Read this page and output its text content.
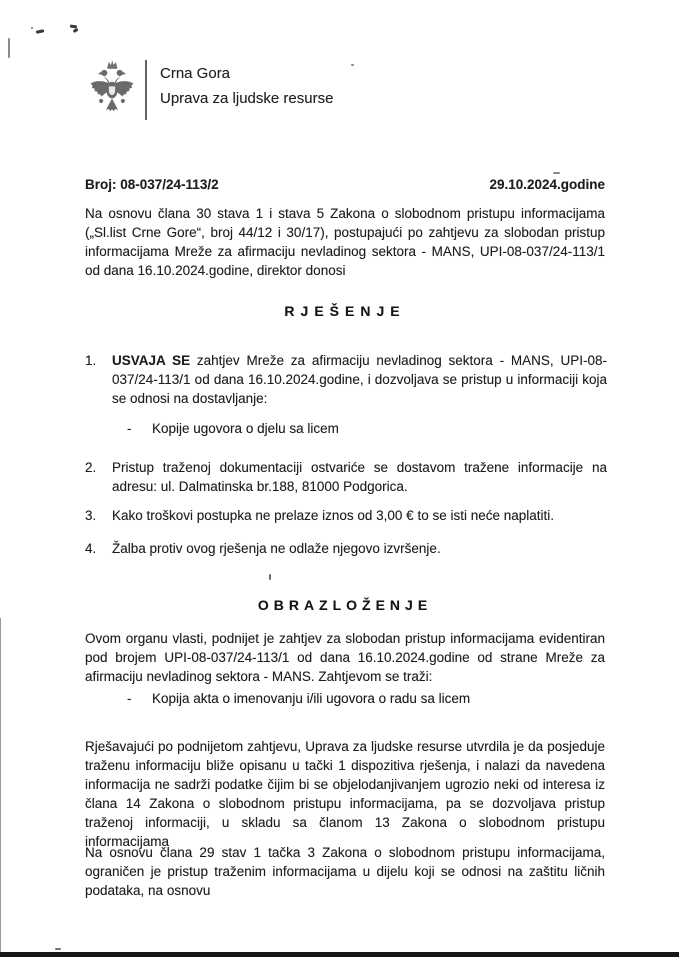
Crna Gora
Uprava za ljudske resurse
Broj: 08-037/24-113/2	29.10.2024.godine

Na osnovu člana 30 stava 1 i stava 5 Zakona o slobodnom pristupu informacijama („Sl.list Crne Gore“, broj 44/12 i 30/17), postupajući po zahtjevu za slobodan pristup informacijama Mreže za afirmaciju nevladinog sektora - MANS, UPI-08-037/24-113/1 od dana 16.10.2024.godine, direktor donosi

RJEŠENJE
1.	USVAJA SE zahtjev Mreže za afirmaciju nevladinog sektora - MANS, UPI-08-037/24-113/1 od dana 16.10.2024.godine, i dozvoljava se pristup u informaciji koja se odnosi na dostavljanje:
-	Kopije ugovora o djelu sa licem
2.	Pristup traženoj dokumentaciji ostvariće se dostavom tražene informacije na adresu: ul. Dalmatinska br.188, 81000 Podgorica.
3.	Kako troškovi postupka ne prelaze iznos od 3,00 € to se isti neće naplatiti.
4.	Žalba protiv ovog rješenja ne odlaže njegovo izvršenje.
OBRAZLOŽENJE

Ovom organu vlasti, podnijet je zahtjev za slobodan pristup informacijama evidentiran pod brojem UPI-08-037/24-113/1 od dana 16.10.2024.godine od strane Mreže za afirmaciju nevladinog sektora - MANS. Zahtjevom se traži:

-	Kopija akta o imenovanju i/ili ugovora o radu sa licem

Rješavajući po podnijetom zahtjevu, Uprava za ljudske resurse utvrdila je da posjeduje traženu informaciju bliže opisanu u tački 1 dispozitiva rješenja, i nalazi da navedena informacija ne sadrži podatke čijim bi se objelodanjivanjem ugrozio neki od interesa iz člana 14 Zakona o slobodnom pristupu informacijama, pa se dozvoljava pristup traženoj informaciji, u skladu sa članom 13 Zakona o slobodnom pristupu informacijama

Na osnovu člana 29 stav 1 tačka 3 Zakona o slobodnom pristupu informacijama, ograničen je pristup traženim informacijama u dijelu koji se odnosi na zaštitu ličnih podataka, na osnovu
